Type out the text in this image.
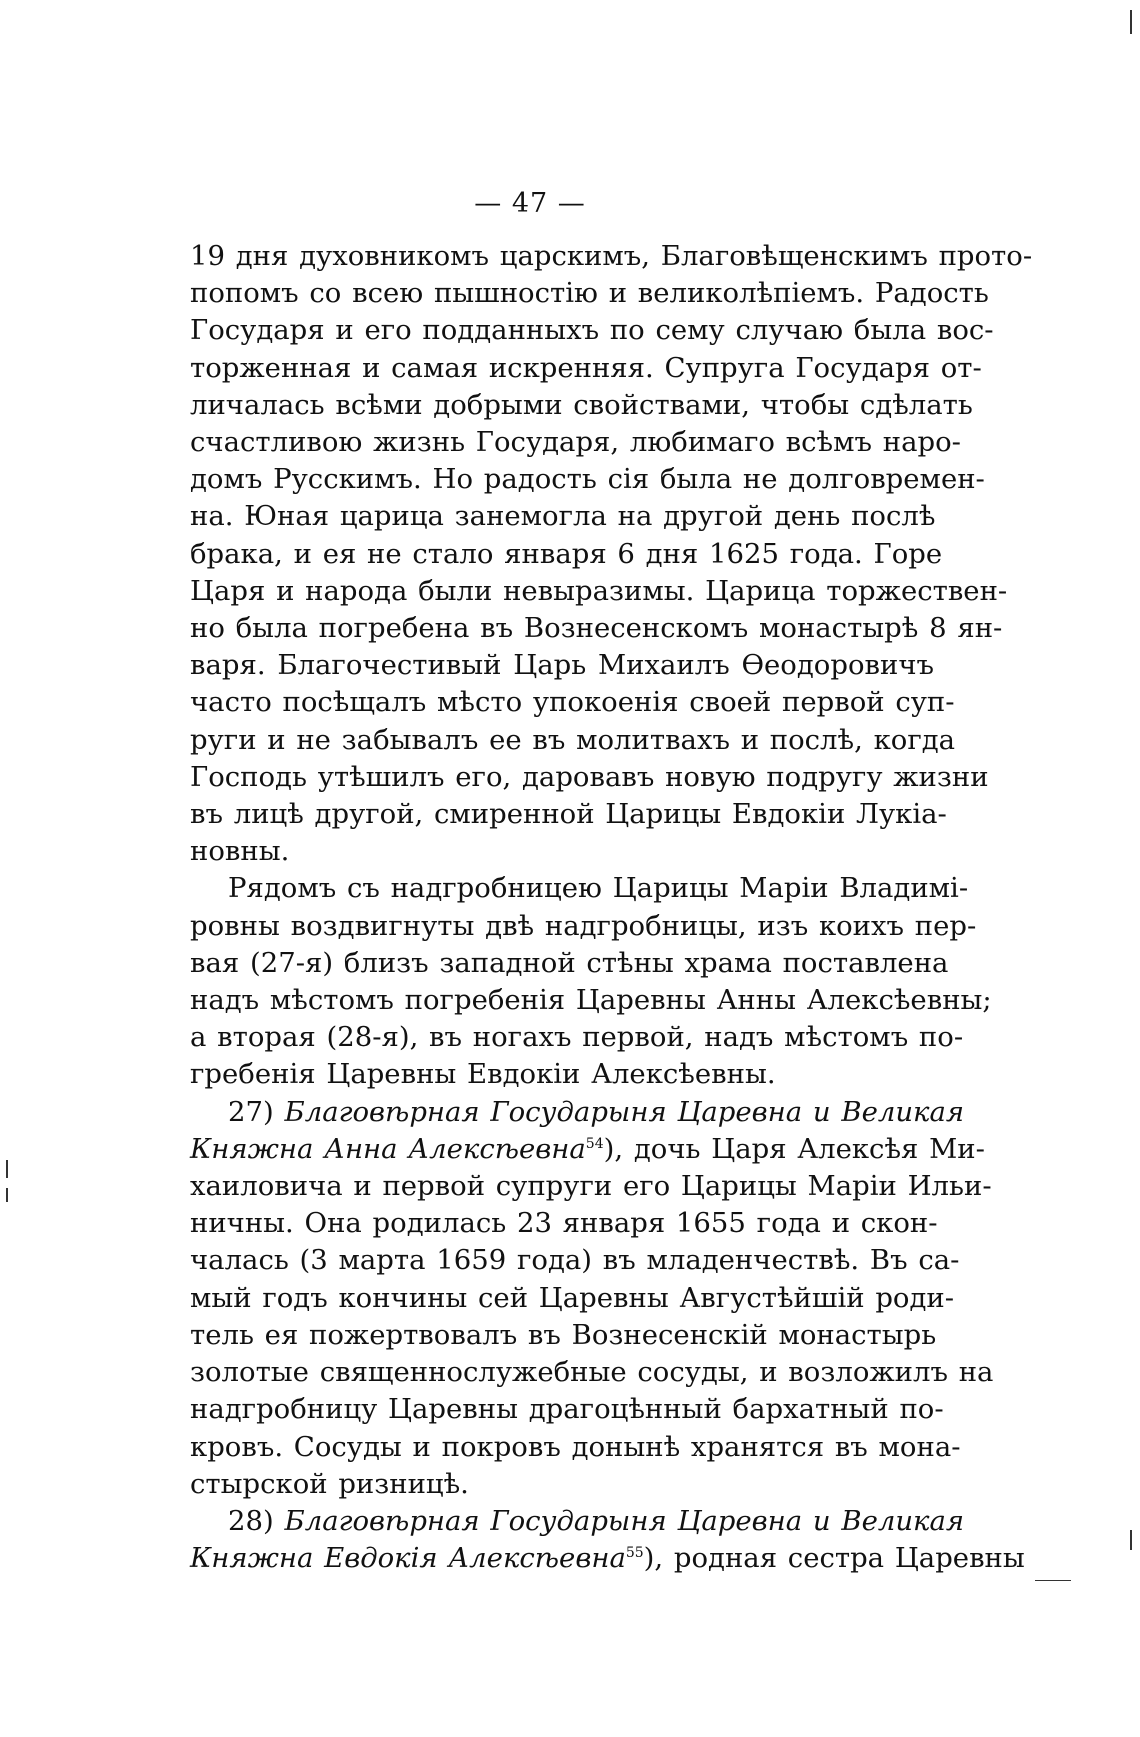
— 47 —

19 дня духовникомъ царскимъ, Благовѣщенскимъ прото-
попомъ со всею пышностію и великолѣпіемъ. Радость
Государя и его подданныхъ по сему случаю была вос-
торженная и самая искренняя. Супруга Государя от-
личалась всѣми добрыми свойствами, чтобы сдѣлать
счастливою жизнь Государя, любимаго всѣмъ наро-
домъ Русскимъ. Но радость сія была не долговремен-
на. Юная царица занемогла на другой день послѣ
брака, и ея не стало января 6 дня 1625 года. Горе
Царя и народа были невыразимы. Царица торжествен-
но была погребена въ Вознесенскомъ монастырѣ 8 ян-
варя. Благочестивый Царь Михаилъ Ѳеодоровичъ
часто посѣщалъ мѣсто упокоенія своей первой суп-
руги и не забывалъ ее въ молитвахъ и послѣ, когда
Господь утѣшилъ его, даровавъ новую подругу жизни
въ лицѣ другой, смиренной Царицы Евдокіи Лукіа-
новны.

Рядомъ съ надгробницею Царицы Маріи Владимі-
ровны воздвигнуты двѣ надгробницы, изъ коихъ пер-
вая (27-я) близъ западной стѣны храма поставлена
надъ мѣстомъ погребенія Царевны Анны Алексѣевны;
а вторая (28-я), въ ногахъ первой, надъ мѣстомъ по-
гребенія Царевны Евдокіи Алексѣевны.

27) Благовѣрная Государыня Царевна и Великая
Княжна Анна Алексѣевна$^{54}$), дочь Царя Алексѣя Ми-
хаиловича и первой супруги его Царицы Маріи Ильи-
ничны. Она родилась 23 января 1655 года и скон-
чалась (3 марта 1659 года) въ младенчествѣ. Въ са-
мый годъ кончины сей Царевны Августѣйшій роди-
тель ея пожертвовалъ въ Вознесенскій монастырь
золотые священнослужебные сосуды, и возложилъ на
надгробницу Царевны драгоцѣнный бархатный по-
кровъ. Сосуды и покровъ донынѣ хранятся въ мона-
стырской ризницѣ.

28) Благовѣрная Государыня Царевна и Великая
Княжна Евдокія Алексѣевна$^{55}$), родная сестра Царевны
